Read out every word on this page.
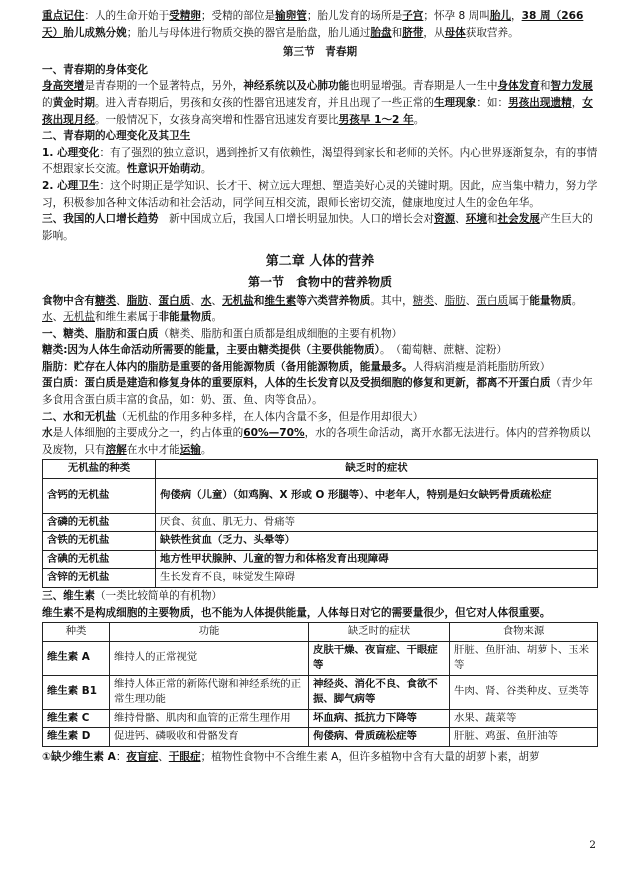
重点记住：人的生命开始于受精卵；受精的部位是输卵管；胎儿发育的场所是子宫；怀孕 8 周叫胎儿，38 周（266 天）胎儿成熟分娩；胎儿与母体进行物质交换的器官是胎盘，胎儿通过胎盘和脐带，从母体获取营养。

第三节　青春期

一、青春期的身体变化

身高突增是青春期的一个显著特点，另外，神经系统以及心肺功能也明显增强。青春期是人一生中身体发育和智力发展的黄金时期。进入青春期后，男孩和女孩的性器官迅速发育，并且出现了一些正常的生理现象：如：男孩出现遗精，女孩出现月经。一般情况下，女孩身高突增和性器官迅速发育要比男孩早 1～2 年。

二、青春期的心理变化及其卫生

1. 心理变化：有了强烈的独立意识，遇到挫折又有依赖性，渴望得到家长和老师的关怀。内心世界逐渐复杂，有的事情不想跟家长交流。性意识开始萌动。

2. 心理卫生：这个时期正是学知识、长才干、树立远大理想、塑造美好心灵的关键时期。因此，应当集中精力，努力学习，积极参加各种文体活动和社会活动，同学间互相交流，跟师长密切交流，健康地度过人生的金色年华。

三、我国的人口增长趋势　新中国成立后，我国人口增长明显加快。人口的增长会对资源、环境和社会发展产生巨大的影响。

第二章 人体的营养
第一节　食物中的营养物质

食物中含有糖类、脂肪、蛋白质、水、无机盐和维生素等六类营养物质。其中，糖类、脂肪、蛋白质属于能量物质。水、无机盐和维生素属于非能量物质。

一、糖类、脂肪和蛋白质（糖类、脂肪和蛋白质都是组成细胞的主要有机物）

糖类:因为人体生命活动所需要的能量，主要由糖类提供（主要供能物质）。　（葡萄糖、蔗糖、淀粉）

脂肪：贮存在人体内的脂肪是重要的备用能源物质（备用能源物质，能量最多。人得病消瘦是消耗脂肪所致）

蛋白质：蛋白质是建造和修复身体的重要原料，人体的生长发育以及受损细胞的修复和更新，都离不开蛋白质（青少年多食用含蛋白质丰富的食品，如：奶、蛋、鱼、肉等食品）。

二、水和无机盐（无机盐的作用多种多样，在人体内含量不多，但是作用却很大）

水是人体细胞的主要成分之一，约占体重的60%—70%，水的各项生命活动，离开水都无法进行。体内的营养物质以及废物，只有溶解在水中才能运输。

无机盐的种类	缺乏时的症状
含钙的无机盐	佝偻病（儿童）（如鸡胸、X 形或 O 形腿等）、中老年人，特别是妇女缺钙骨质疏松症
含磷的无机盐	厌食、贫血、肌无力、骨痛等
含铁的无机盐	缺铁性贫血（乏力、头晕等）
含碘的无机盐	地方性甲状腺肿、儿童的智力和体格发育出现障碍
含锌的无机盐	生长发育不良，味觉发生障碍

三、维生素（一类比较简单的有机物）

维生素不是构成细胞的主要物质，也不能为人体提供能量，人体每日对它的需要量很少，但它对人体很重要。

种类	功能	缺乏时的症状	食物来源
维生素 A	维持人的正常视觉	皮肤干燥、夜盲症、干眼症等	肝脏、鱼肝油、胡萝卜、玉米等
维生素 B1	维持人体正常的新陈代谢和神经系统的正常生理功能	神经炎、消化不良、食欲不振、脚气病等	牛肉、肾、谷类种皮、豆类等
维生素 C	维持骨骼、肌肉和血管的正常生理作用	坏血病、抵抗力下降等	水果、蔬菜等
维生素 D	促进钙、磷吸收和骨骼发育	佝偻病、骨质疏松症等	肝脏、鸡蛋、鱼肝油等

①缺少维生素 A：夜盲症、干眼症；植物性食物中不含维生素 A，但许多植物中含有大量的胡萝卜素，胡萝

2
